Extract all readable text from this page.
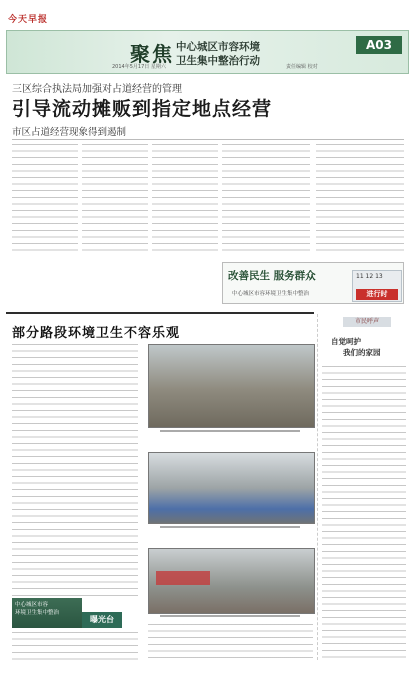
今天早报
聚焦 中心城区市容环境
卫生集中整治行动
A03
2014年5月17日 星期六	责任编辑 校对
三区综合执法局加强对占道经营的管理
引导流动摊贩到指定地点经营
市区占道经营现象得到遏制
改善民生 服务群众
中心城区市容环境卫生集中整治
11 12 13
进行时
部分路段环境卫生不容乐观
中心城区市容
环境卫生集中整治
曝光台
市民呼声
自觉呵护
我们的家园
